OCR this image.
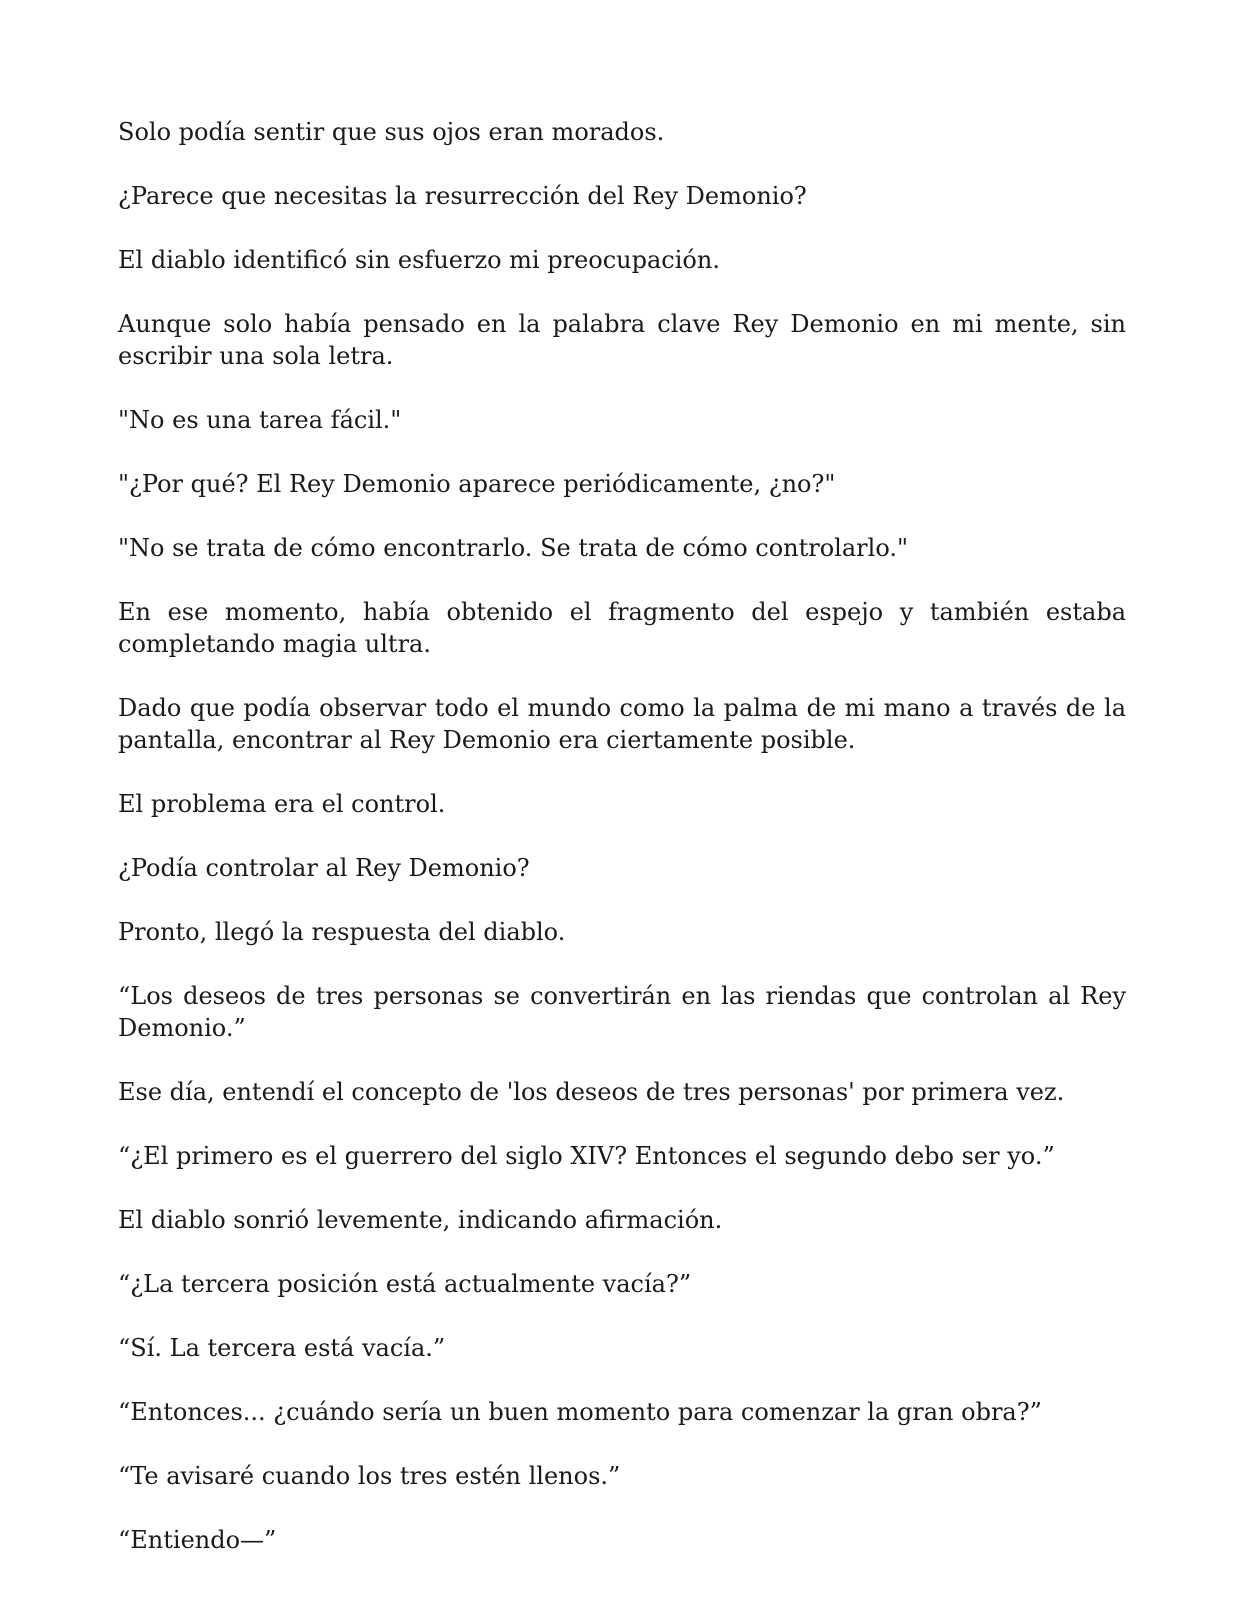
Solo podía sentir que sus ojos eran morados.

¿Parece que necesitas la resurrección del Rey Demonio?

El diablo identificó sin esfuerzo mi preocupación.

Aunque solo había pensado en la palabra clave Rey Demonio en mi mente, sin escribir una sola letra.

"No es una tarea fácil."

"¿Por qué? El Rey Demonio aparece periódicamente, ¿no?"

"No se trata de cómo encontrarlo. Se trata de cómo controlarlo."

En ese momento, había obtenido el fragmento del espejo y también estaba completando magia ultra.

Dado que podía observar todo el mundo como la palma de mi mano a través de la pantalla, encontrar al Rey Demonio era ciertamente posible.

El problema era el control.

¿Podía controlar al Rey Demonio?

Pronto, llegó la respuesta del diablo.

“Los deseos de tres personas se convertirán en las riendas que controlan al Rey Demonio.”

Ese día, entendí el concepto de 'los deseos de tres personas' por primera vez.

“¿El primero es el guerrero del siglo XIV? Entonces el segundo debo ser yo.”

El diablo sonrió levemente, indicando afirmación.

“¿La tercera posición está actualmente vacía?”

“Sí. La tercera está vacía.”

“Entonces... ¿cuándo sería un buen momento para comenzar la gran obra?”

“Te avisaré cuando los tres estén llenos.”

“Entiendo—”
